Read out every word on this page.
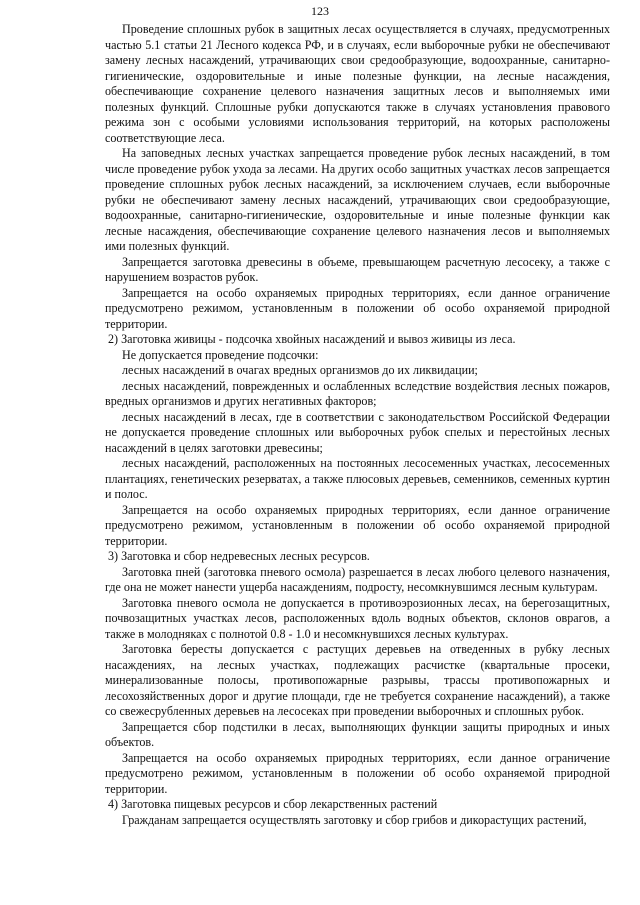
123

Проведение сплошных рубок в защитных лесах осуществляется в случаях, предусмотренных частью 5.1 статьи 21 Лесного кодекса РФ, и в случаях, если выборочные рубки не обеспечивают замену лесных насаждений, утрачивающих свои средообразующие, водоохранные, санитарно-гигиенические, оздоровительные и иные полезные функции, на лесные насаждения, обеспечивающие сохранение целевого назначения защитных лесов и выполняемых ими полезных функций. Сплошные рубки допускаются также в случаях установления правового режима зон с особыми условиями использования территорий, на которых расположены соответствующие леса.

На заповедных лесных участках запрещается проведение рубок лесных насаждений, в том числе проведение рубок ухода за лесами. На других особо защитных участках лесов запрещается проведение сплошных рубок лесных насаждений, за исключением случаев, если выборочные рубки не обеспечивают замену лесных насаждений, утрачивающих свои средообразующие, водоохранные, санитарно-гигиенические, оздоровительные и иные полезные функции как лесные насаждения, обеспечивающие сохранение целевого назначения лесов и выполняемых ими полезных функций.

Запрещается заготовка древесины в объеме, превышающем расчетную лесосеку, а также с нарушением возрастов рубок.

Запрещается на особо охраняемых природных территориях, если данное ограничение предусмотрено режимом, установленным в положении об особо охраняемой природной территории.

2) Заготовка живицы - подсочка хвойных насаждений и вывоз живицы из леса.

Не допускается проведение подсочки:

лесных насаждений в очагах вредных организмов до их ликвидации;

лесных насаждений, поврежденных и ослабленных вследствие воздействия лесных пожаров, вредных организмов и других негативных факторов;

лесных насаждений в лесах, где в соответствии с законодательством Российской Федерации не допускается проведение сплошных или выборочных рубок спелых и перестойных лесных насаждений в целях заготовки древесины;

лесных насаждений, расположенных на постоянных лесосеменных участках, лесосеменных плантациях, генетических резерватах, а также плюсовых деревьев, семенников, семенных куртин и полос.

Запрещается на особо охраняемых природных территориях, если данное ограничение предусмотрено режимом, установленным в положении об особо охраняемой природной территории.

3) Заготовка и сбор недревесных лесных ресурсов.

Заготовка пней (заготовка пневого осмола) разрешается в лесах любого целевого назначения, где она не может нанести ущерба насаждениям, подросту, несомкнувшимся лесным культурам.

Заготовка пневого осмола не допускается в противоэрозионных лесах, на берегозащитных, почвозащитных участках лесов, расположенных вдоль водных объектов, склонов оврагов, а также в молодняках с полнотой 0.8 - 1.0 и несомкнувшихся лесных культурах.

Заготовка бересты допускается с растущих деревьев на отведенных в рубку лесных насаждениях, на лесных участках, подлежащих расчистке (квартальные просеки, минерализованные полосы, противопожарные разрывы, трассы противопожарных и лесохозяйственных дорог и другие площади, где не требуется сохранение насаждений), а также со свежесрубленных деревьев на лесосеках при проведении выборочных и сплошных рубок.

Запрещается сбор подстилки в лесах, выполняющих функции защиты природных и иных объектов.

Запрещается на особо охраняемых природных территориях, если данное ограничение предусмотрено режимом, установленным в положении об особо охраняемой природной территории.

4) Заготовка пищевых ресурсов и сбор лекарственных растений

Гражданам запрещается осуществлять заготовку и сбор грибов и дикорастущих растений,
